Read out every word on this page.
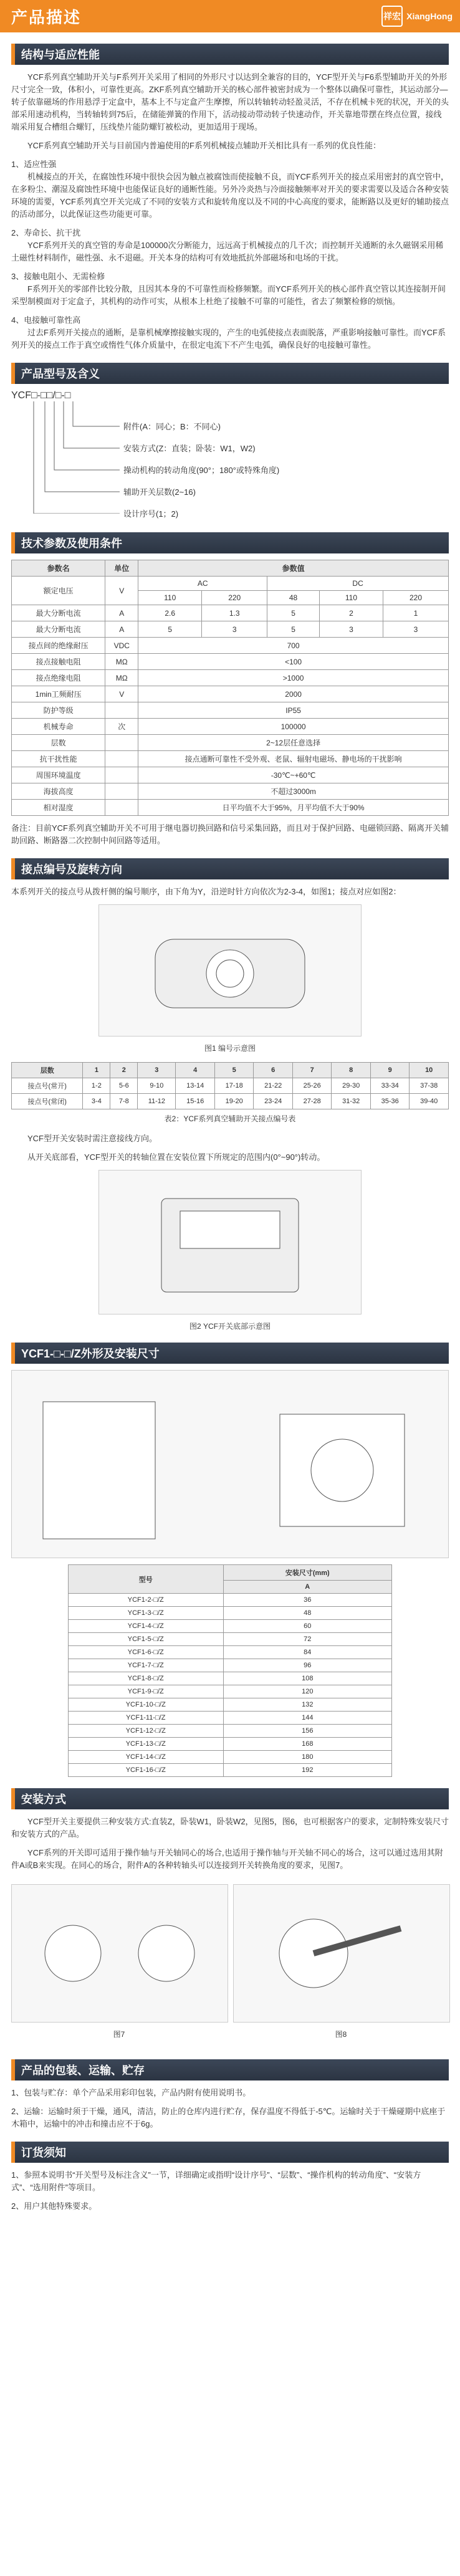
产品描述	祥宏 XiangHong
结构与适应性能
YCF系列真空辅助开关与F系列开关采用了相同的外形尺寸以达到全兼容的目的，YCF型开关与F6系型辅助开关的外形尺寸完全一致，体积小，可靠性更高。ZKF系列真空辅助开关的核心部件被密封成为一个整体以确保可靠性，其运动部分—转子依靠磁场的作用悬浮于定盒中，基本上不与定盒产生摩擦，所以转轴转动轻盈灵活，不存在机械卡死的状况，开关的头部采用速动机构，当转轴转到75后，在储能弹簧的作用下，活动接动带动转子快速动作，开关靠地带摆在终点位置，接线端采用复合槽组合螺钉，压线垫片能防螺钉被松动，更加适用于现场。
YCF系列真空辅助开关与目前国内普遍使用的F系列机械接点辅助开关相比具有一系列的优良性能：
1、适应性强
机械接点的开关，在腐蚀性环境中很快会因为触点被腐蚀而使接触不良，而YCF系列开关的接点采用密封的真空管中，在多粉尘、潮湿及腐蚀性环境中也能保证良好的通断性能。另外冷炎热与冷面接触频率对开关的要求需要以及适合各种安装环境的需要，YCF系列真空开关完成了不同的安装方式和旋转角度以及不同的中心高度的要求，能断路以及更好的辅助接点的活动部分，以此保证这些功能更可靠。
2、寿命长、抗干扰
YCF系列开关的真空管的寿命是100000次分断能力，远远高于机械接点的几千次；而控制开关通断的永久磁钢采用稀土磁性材料制作，磁性强、永不退磁。开关本身的结构可有效地抵抗外部磁场和电场的干扰。
3、接触电阻小、无需检修
F系列开关的零部件比较分散，且因其本身的不可靠性而检修频繁。而YCF系列开关的核心部件真空管以其连接制开间采型制模面对于定盒子，其机构的动作可实，从根本上杜绝了接触不可靠的可能性，省去了频繁检修的烦恼。
4、电接触可靠性高
过去F系列开关接点的通断，是靠机械摩擦接触实现的，产生的电弧使接点表面脱落，严重影响接触可靠性。而YCF系列开关的接点工作于真空或惰性气体介质量中，在很定电流下不产生电弧，确保良好的电接触可靠性。
产品型号及含义
YCF□-□□/□-□
附件(A：同心；B：不同心)
安装方式(Z：直装；卧装：W1，W2)
操动机构的转动角度(90°；180°或特殊角度)
辅助开关层数(2~16)
设计序号(1；2)
技术参数及使用条件
参数名	单位	参数值				
额定电压	V	AC		DC		
		110	220	48	110	220
最大分断电流	A	2.6	1.3	5	2	1
最大分断电流	A	5	3	5	3	3
接点间的绝缘耐压	VDC	700				
接点接触电阻	MΩ	<100				
接点绝缘电阻	MΩ	>1000				
1min工频耐压	V	2000				
防护等级		IP55				
机械寿命	次	100000				
层数		2~12层任意选择				
抗干扰性能		接点通断可靠性不受外观、老鼠、辐射电磁场、静电场的干扰影响				
周围环境温度		-30℃~+60℃				
海拔高度		不超过3000m				
相对湿度		日平均值不大于95%，月平均值不大于90%				
备注：目前YCF系列真空辅助开关不可用于继电器切换回路和信号采集回路，而且对于保护回路、电磁锁回路、隔离开关辅助回路、断路器二次控制中间回路等适用。
接点编号及旋转方向
本系列开关的接点号从拨杆侧的编号顺序，由下角为Y，沿逆时针方向依次为2-3-4，如图1；接点对应如图2：
图1 编号示意图
层数	1	2	3	4	5	6	7	8	9	10
接点号(常开)	1-2	5-6	9-10	13-14	17-18	21-22	25-26	29-30	33-34	37-38
接点号(常闭)	3-4	7-8	11-12	15-16	19-20	23-24	27-28	31-32	35-36	39-40
表2：YCF系列真空辅助开关接点编号表
YCF型开关安装时需注意接线方向。
从开关底部看，YCF型开关的转轴位置在安装位置下所规定的范围内(0°~90°)转动。
图2 YCF开关底部示意图
YCF1-□-□/Z外形及安装尺寸
型号	安装尺寸(mm)
	A
YCF1-2-□/Z	36
YCF1-3-□/Z	48
YCF1-4-□/Z	60
YCF1-5-□/Z	72
YCF1-6-□/Z	84
YCF1-7-□/Z	96
YCF1-8-□/Z	108
YCF1-9-□/Z	120
YCF1-10-□/Z	132
YCF1-11-□/Z	144
YCF1-12-□/Z	156
YCF1-13-□/Z	168
YCF1-14-□/Z	180
YCF1-16-□/Z	192
安装方式
YCF型开关主要提供三种安装方式:直装Z，卧装W1，卧装W2，见图5，图6，也可根据客户的要求，定制特殊安装尺寸和安装方式的产品。
YCF系列的开关即可适用于操作轴与开关轴同心的场合,也适用于操作轴与开关轴不同心的场合，这可以通过选用其附件A或B来实现。在同心的场合，附件A的各种转轴头可以连接到开关转换角度的要求，见图7。
图7	图8
产品的包装、运输、贮存
1、包装与贮存：单个产品采用彩印包装，产品内附有使用说明书。
2、运输：运输时须于干燥，通风，清洁，防止的仓库内进行贮存，保存温度不得低于-5℃。运输时关于干燥碰期中底座于木箱中，运输中的冲击和撞击应不于6g。
订货须知
1、参照本说明书“开关型号及标注含义”一节，详细确定或指明“设计序号”、“层数”、“操作机构的转动角度”、“安装方式”、“选用附件”等项目。
2、用户其他特殊要求。
